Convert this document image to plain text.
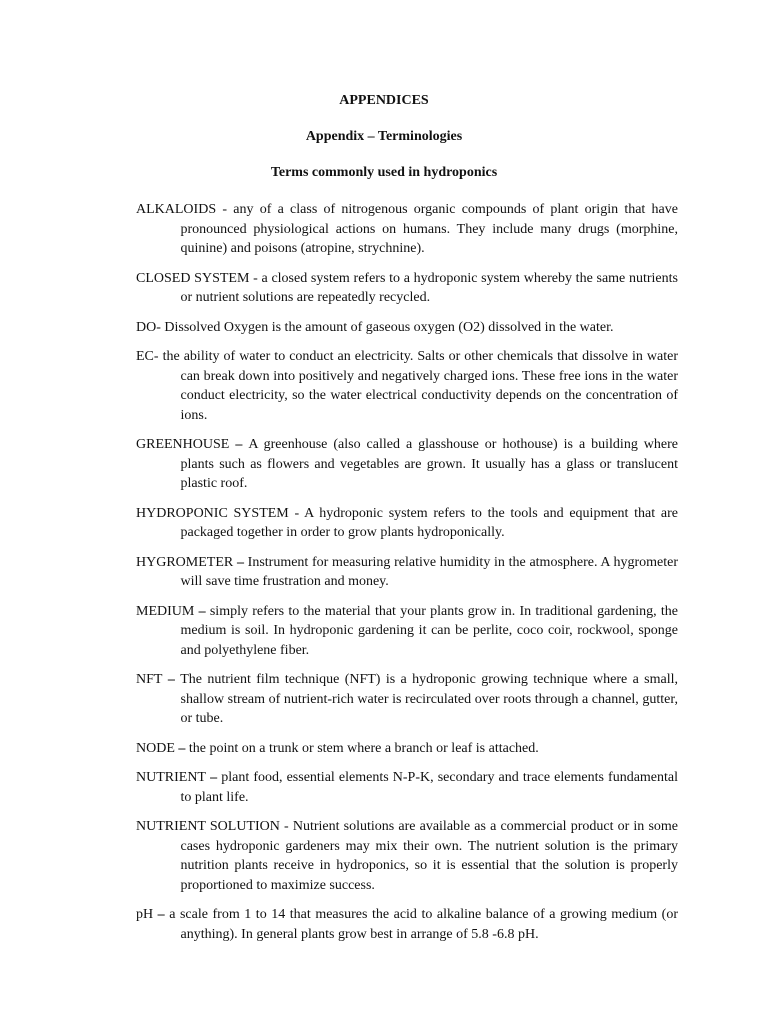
APPENDICES
Appendix – Terminologies
Terms commonly used in hydroponics

ALKALOIDS - any of a class of nitrogenous organic compounds of plant origin that have pronounced physiological actions on humans. They include many drugs (morphine, quinine) and poisons (atropine, strychnine).

CLOSED SYSTEM - a closed system refers to a hydroponic system whereby the same nutrients or nutrient solutions are repeatedly recycled.

DO- Dissolved Oxygen is the amount of gaseous oxygen (O2) dissolved in the water.

EC- the ability of water to conduct an electricity. Salts or other chemicals that dissolve in water can break down into positively and negatively charged ions. These free ions in the water conduct electricity, so the water electrical conductivity depends on the concentration of ions.

GREENHOUSE – A greenhouse (also called a glasshouse or hothouse) is a building where plants such as flowers and vegetables are grown. It usually has a glass or translucent plastic roof.

HYDROPONIC SYSTEM - A hydroponic system refers to the tools and equipment that are packaged together in order to grow plants hydroponically.

HYGROMETER – Instrument for measuring relative humidity in the atmosphere. A hygrometer will save time frustration and money.

MEDIUM – simply refers to the material that your plants grow in. In traditional gardening, the medium is soil. In hydroponic gardening it can be perlite, coco coir, rockwool, sponge and polyethylene fiber.

NFT – The nutrient film technique (NFT) is a hydroponic growing technique where a small, shallow stream of nutrient-rich water is recirculated over roots through a channel, gutter, or tube.

NODE – the point on a trunk or stem where a branch or leaf is attached.

NUTRIENT – plant food, essential elements N-P-K, secondary and trace elements fundamental to plant life.

NUTRIENT SOLUTION - Nutrient solutions are available as a commercial product or in some cases hydroponic gardeners may mix their own. The nutrient solution is the primary nutrition plants receive in hydroponics, so it is essential that the solution is properly proportioned to maximize success.

pH – a scale from 1 to 14 that measures the acid to alkaline balance of a growing medium (or anything). In general plants grow best in arrange of 5.8 -6.8 pH.
